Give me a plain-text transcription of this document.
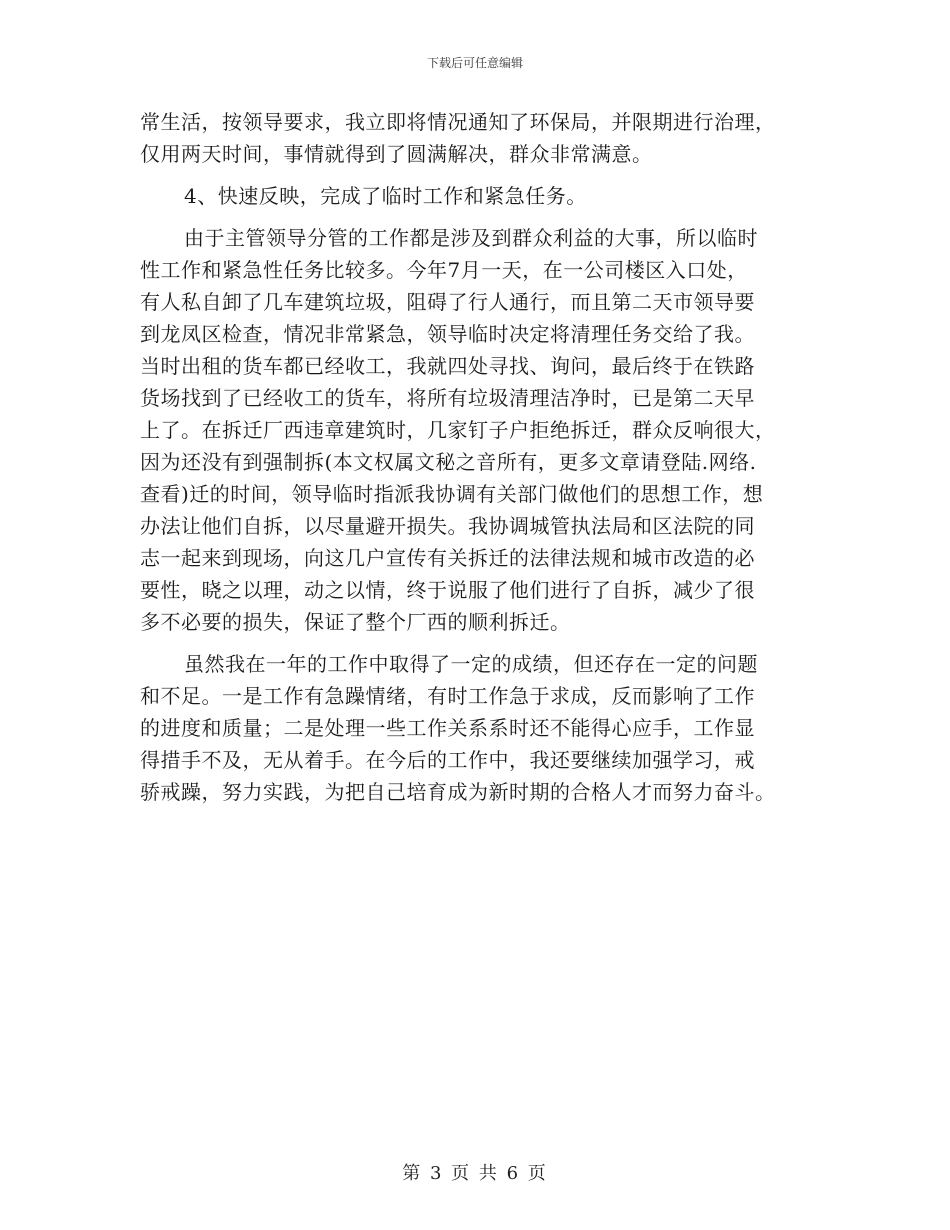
下载后可任意编辑

常生活，按领导要求，我立即将情况通知了环保局，并限期进行治理，

仅用两天时间，事情就得到了圆满解决，群众非常满意。

4、快速反映，完成了临时工作和紧急任务。

由于主管领导分管的工作都是涉及到群众利益的大事，所以临时

性工作和紧急性任务比较多。今年7月一天，在一公司楼区入口处，

有人私自卸了几车建筑垃圾，阻碍了行人通行，而且第二天市领导要

到龙凤区检查，情况非常紧急，领导临时决定将清理任务交给了我。

当时出租的货车都已经收工，我就四处寻找、询问，最后终于在铁路

货场找到了已经收工的货车，将所有垃圾清理洁净时，已是第二天早

上了。在拆迁厂西违章建筑时，几家钉子户拒绝拆迁，群众反响很大，

因为还没有到强制拆(本文权属文秘之音所有，更多文章请登陆.网络.

查看)迁的时间，领导临时指派我协调有关部门做他们的思想工作，想

办法让他们自拆，以尽量避开损失。我协调城管执法局和区法院的同

志一起来到现场，向这几户宣传有关拆迁的法律法规和城市改造的必

要性，晓之以理，动之以情，终于说服了他们进行了自拆，减少了很

多不必要的损失，保证了整个厂西的顺利拆迁。

虽然我在一年的工作中取得了一定的成绩，但还存在一定的问题

和不足。一是工作有急躁情绪，有时工作急于求成，反而影响了工作

的进度和质量；二是处理一些工作关系系时还不能得心应手，工作显

得措手不及，无从着手。在今后的工作中，我还要继续加强学习，戒

骄戒躁，努力实践，为把自己培育成为新时期的合格人才而努力奋斗。

第 3 页 共 6 页
